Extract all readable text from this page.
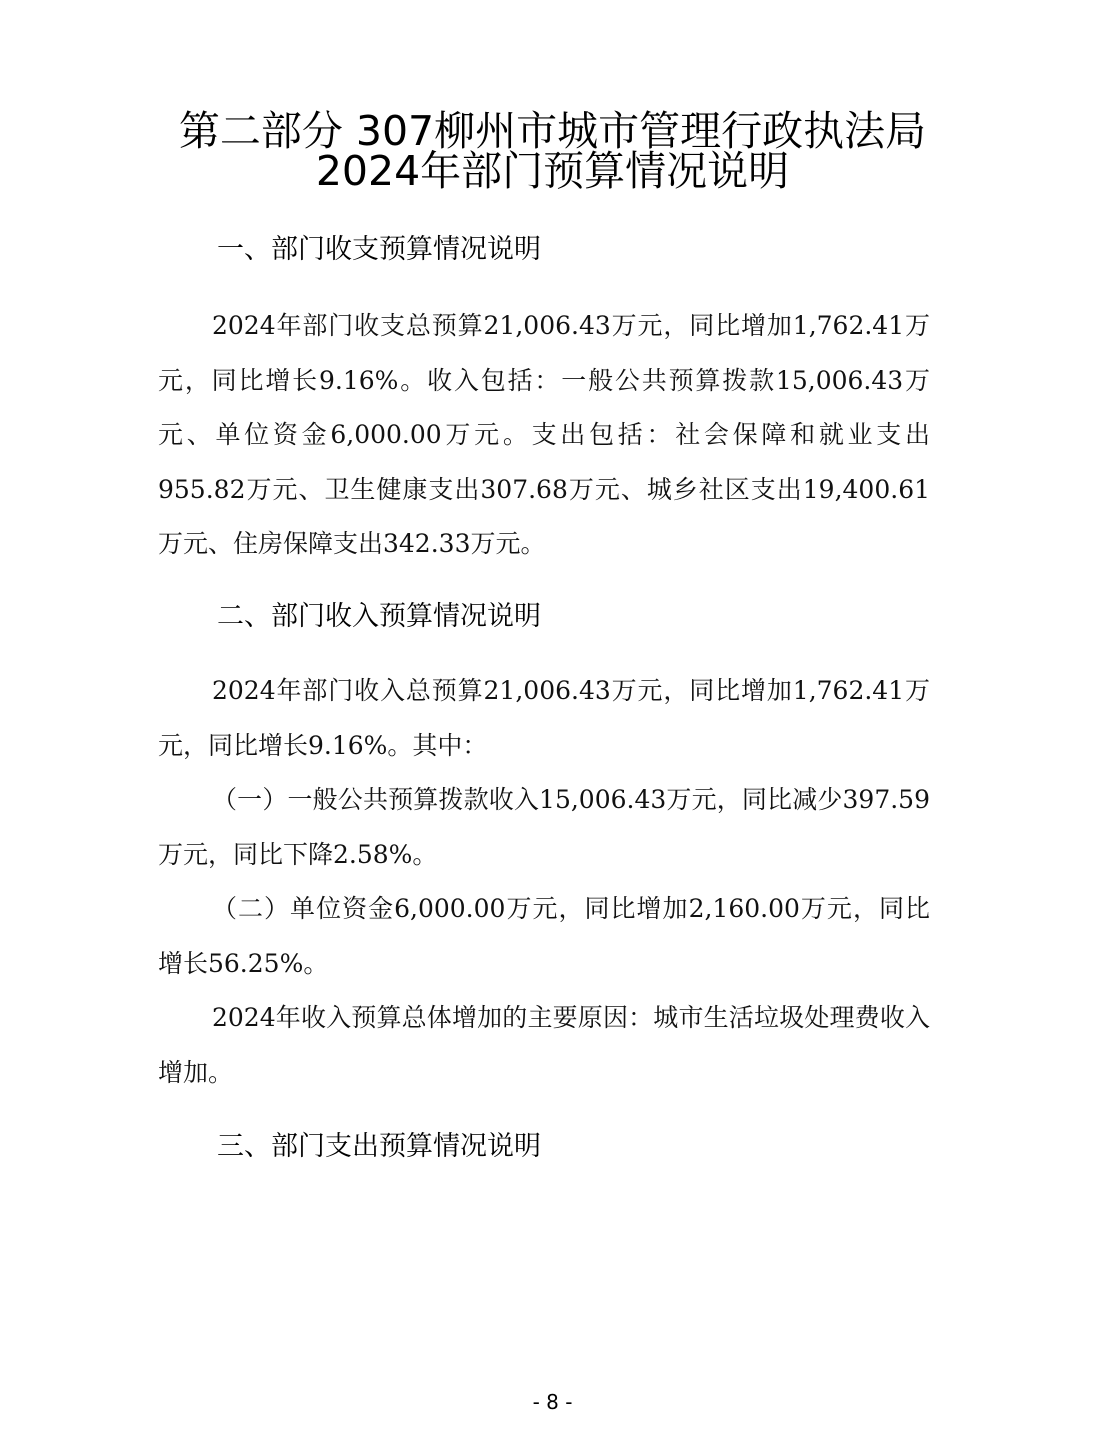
第二部分 307柳州市城市管理行政执法局
2024年部门预算情况说明
一、部门收支预算情况说明

2024年部门收支总预算21,006.43万元，同比增加1,762.41万元，同比增长9.16%。收入包括：一般公共预算拨款15,006.43万元、单位资金6,000.00万元。支出包括：社会保障和就业支出955.82万元、卫生健康支出307.68万元、城乡社区支出19,400.61万元、住房保障支出342.33万元。

二、部门收入预算情况说明

2024年部门收入总预算21,006.43万元，同比增加1,762.41万元，同比增长9.16%。其中：

（一）一般公共预算拨款收入15,006.43万元，同比减少397.59万元，同比下降2.58%。

（二）单位资金6,000.00万元，同比增加2,160.00万元，同比增长56.25%。

2024年收入预算总体增加的主要原因：城市生活垃圾处理费收入增加。

三、部门支出预算情况说明
- 8 -
